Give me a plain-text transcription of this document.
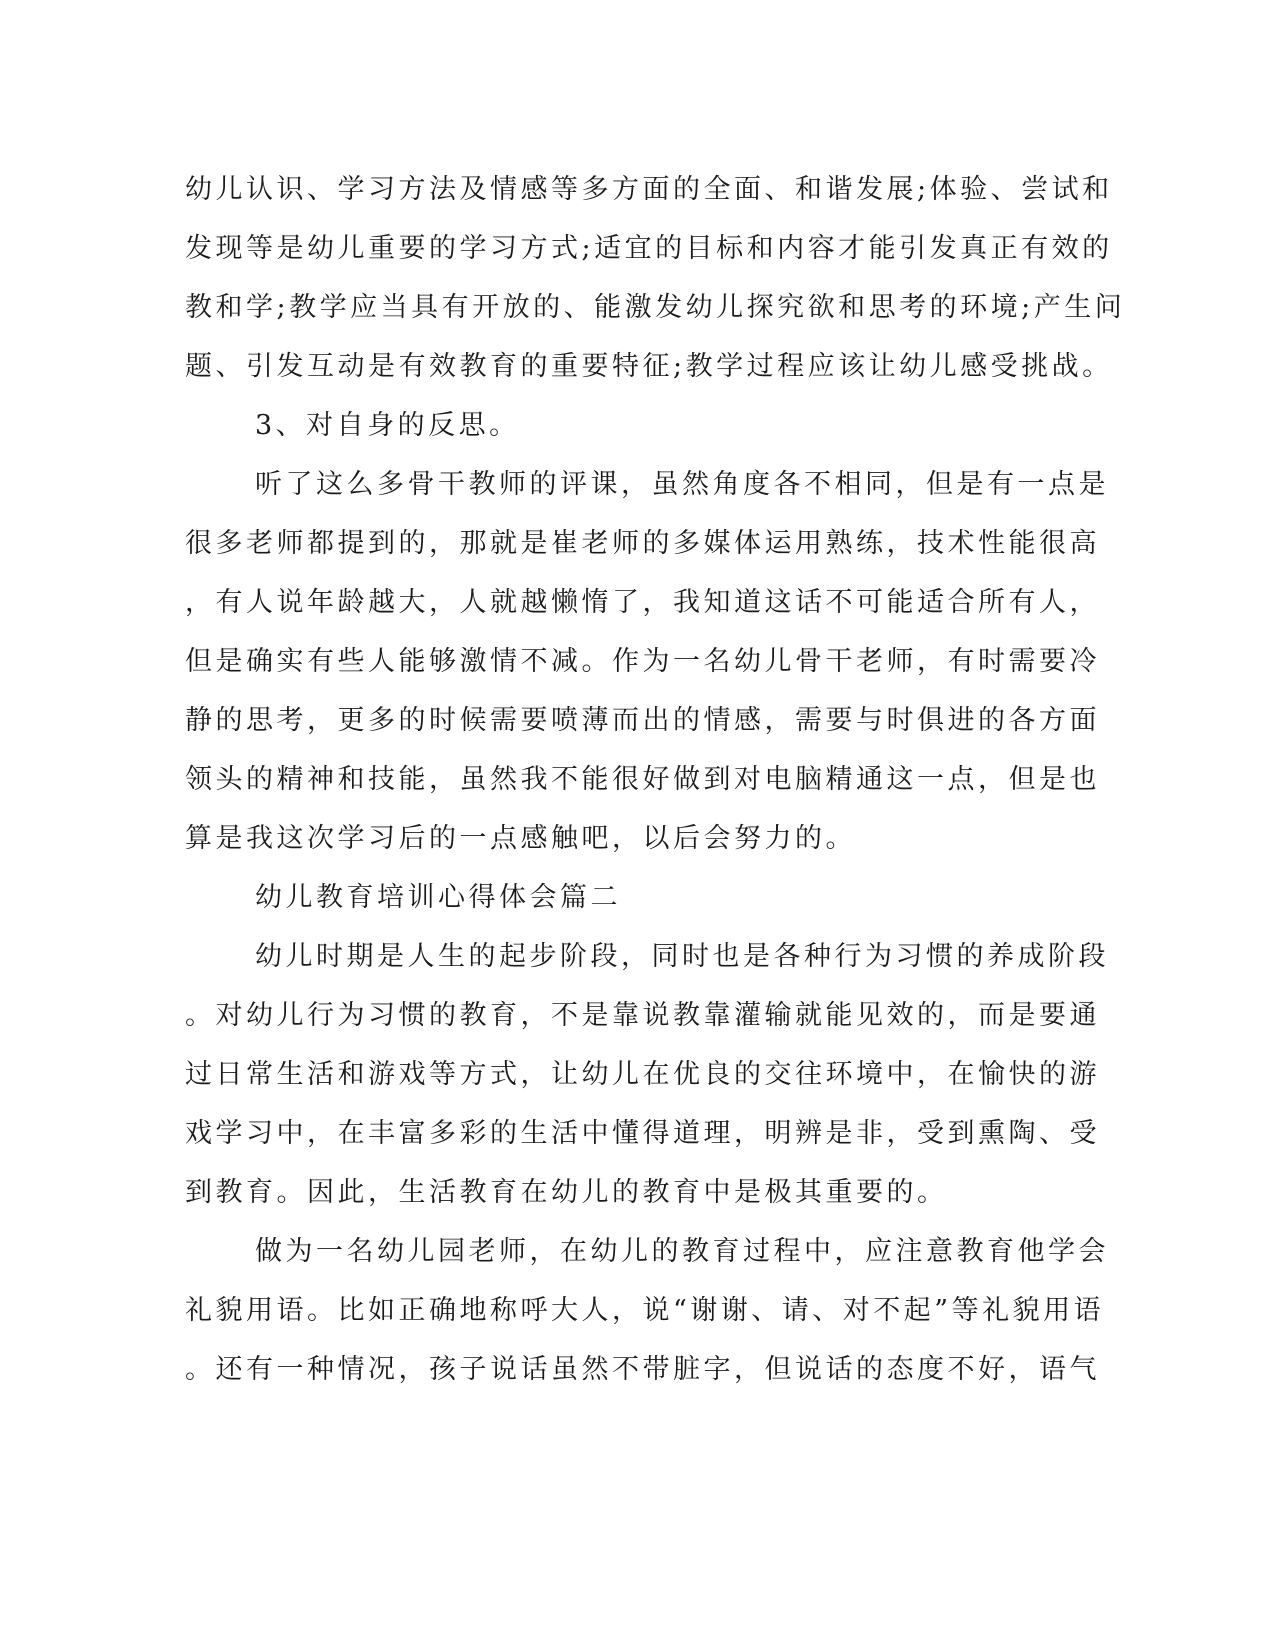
幼儿认识、学习方法及情感等多方面的全面、和谐发展;体验、尝试和
发现等是幼儿重要的学习方式;适宜的目标和内容才能引发真正有效的
教和学;教学应当具有开放的、能激发幼儿探究欲和思考的环境;产生问
题、引发互动是有效教育的重要特征;教学过程应该让幼儿感受挑战。
3、对自身的反思。
听了这么多骨干教师的评课，虽然角度各不相同，但是有一点是
很多老师都提到的，那就是崔老师的多媒体运用熟练，技术性能很高
，有人说年龄越大，人就越懒惰了，我知道这话不可能适合所有人，
但是确实有些人能够激情不减。作为一名幼儿骨干老师，有时需要冷
静的思考，更多的时候需要喷薄而出的情感，需要与时俱进的各方面
领头的精神和技能，虽然我不能很好做到对电脑精通这一点，但是也
算是我这次学习后的一点感触吧，以后会努力的。
幼儿教育培训心得体会篇二
幼儿时期是人生的起步阶段，同时也是各种行为习惯的养成阶段
。对幼儿行为习惯的教育，不是靠说教靠灌输就能见效的，而是要通
过日常生活和游戏等方式，让幼儿在优良的交往环境中，在愉快的游
戏学习中，在丰富多彩的生活中懂得道理，明辨是非，受到熏陶、受
到教育。因此，生活教育在幼儿的教育中是极其重要的。
做为一名幼儿园老师，在幼儿的教育过程中，应注意教育他学会
礼貌用语。比如正确地称呼大人，说“谢谢、请、对不起”等礼貌用语
。还有一种情况，孩子说话虽然不带脏字，但说话的态度不好，语气
